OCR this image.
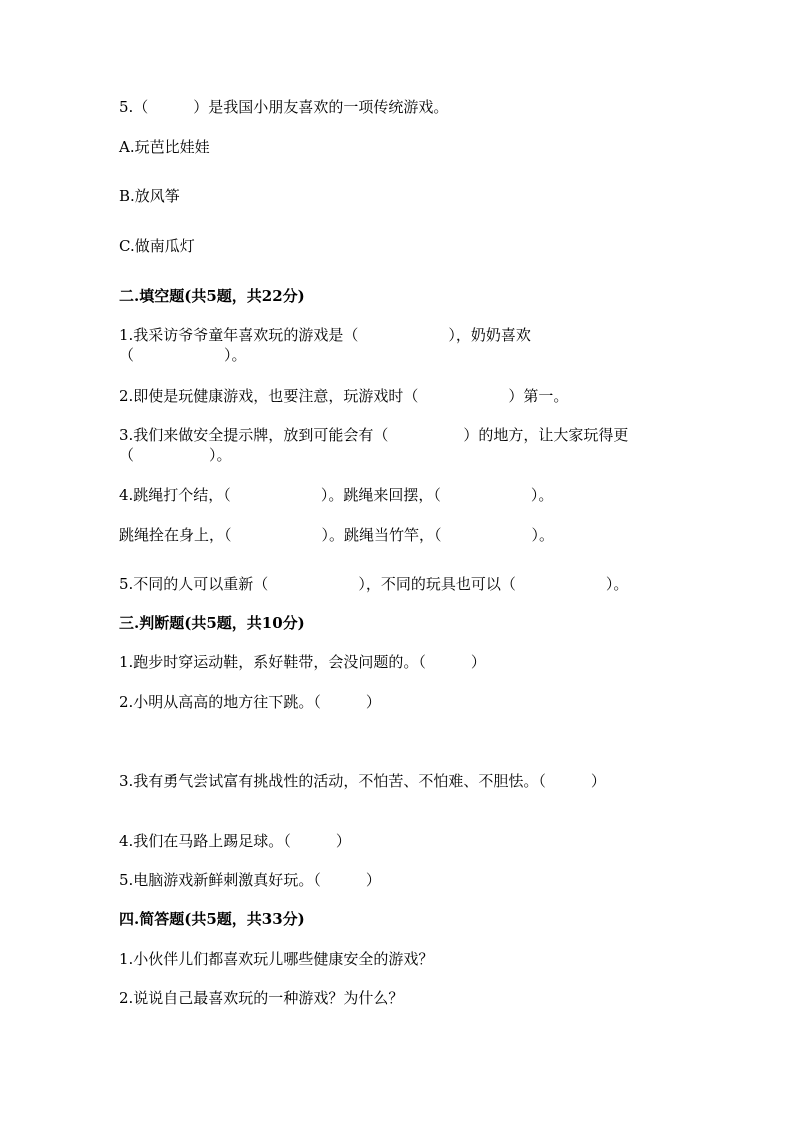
5.（　　　）是我国小朋友喜欢的一项传统游戏。
A.玩芭比娃娃
B.放风筝
C.做南瓜灯
二.填空题(共5题，共22分)
1.我采访爷爷童年喜欢玩的游戏是（　　　　　　），奶奶喜欢
（　　　　　　）。
2.即使是玩健康游戏，也要注意，玩游戏时（　　　　　　）第一。
3.我们来做安全提示牌，放到可能会有（　　　　　）的地方，让大家玩得更
（　　　　　）。
4.跳绳打个结，（　　　　　　）。跳绳来回摆，（　　　　　　）。
跳绳拴在身上，（　　　　　　）。跳绳当竹竿，（　　　　　　）。
5.不同的人可以重新（　　　　　　），不同的玩具也可以（　　　　　　）。
三.判断题(共5题，共10分)
1.跑步时穿运动鞋，系好鞋带，会没问题的。（　　　）
2.小明从高高的地方往下跳。（　　　）
3.我有勇气尝试富有挑战性的活动，不怕苦、不怕难、不胆怯。（　　　）
4.我们在马路上踢足球。（　　　）
5.电脑游戏新鲜刺激真好玩。（　　　）
四.简答题(共5题，共33分)
1.小伙伴儿们都喜欢玩儿哪些健康安全的游戏？
2.说说自己最喜欢玩的一种游戏？为什么？
